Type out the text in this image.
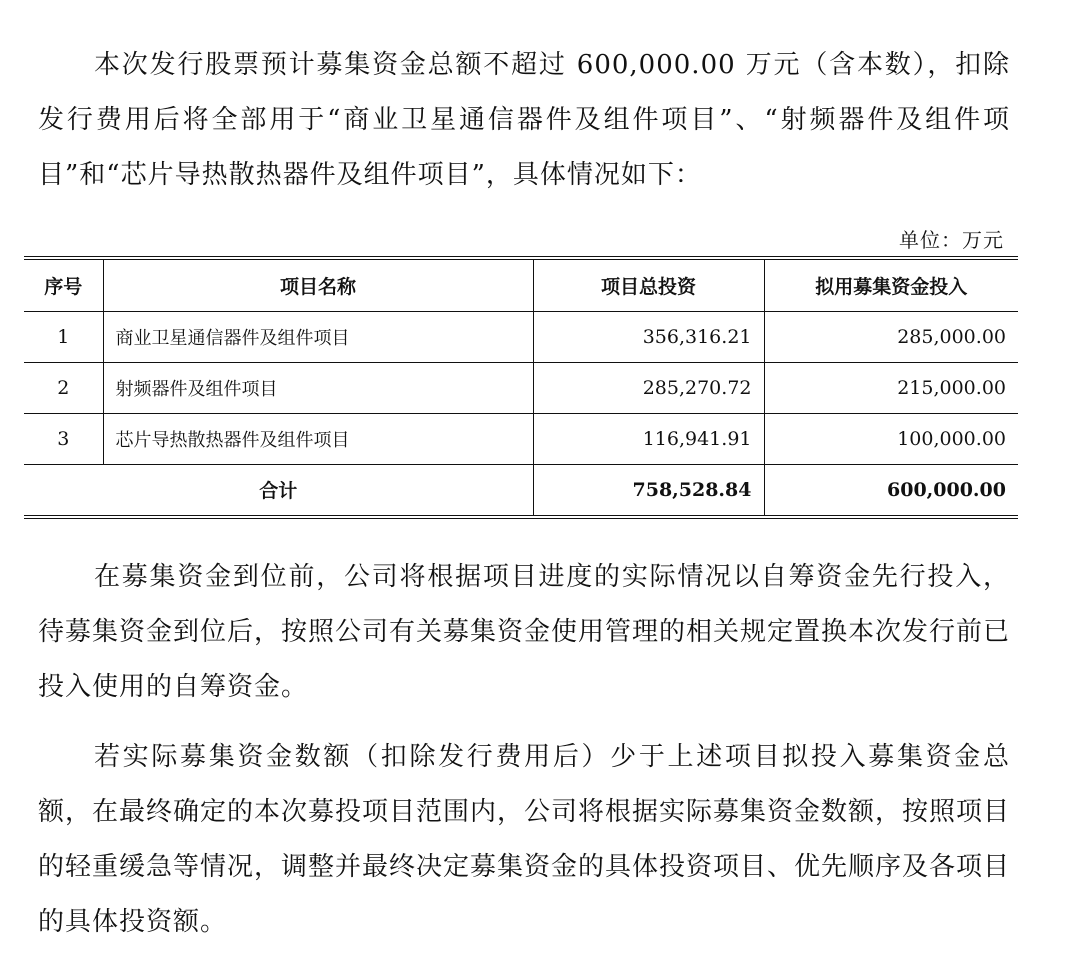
本次发行股票预计募集资金总额不超过 600,000.00 万元（含本数），扣除发行费用后将全部用于“商业卫星通信器件及组件项目”、“射频器件及组件项目”和“芯片导热散热器件及组件项目”，具体情况如下：

单位：万元
序号	项目名称	项目总投资	拟用募集资金投入
1	商业卫星通信器件及组件项目	356,316.21	285,000.00
2	射频器件及组件项目	285,270.72	215,000.00
3	芯片导热散热器件及组件项目	116,941.91	100,000.00
合计		758,528.84	600,000.00

在募集资金到位前，公司将根据项目进度的实际情况以自筹资金先行投入，待募集资金到位后，按照公司有关募集资金使用管理的相关规定置换本次发行前已投入使用的自筹资金。

若实际募集资金数额（扣除发行费用后）少于上述项目拟投入募集资金总额，在最终确定的本次募投项目范围内，公司将根据实际募集资金数额，按照项目的轻重缓急等情况，调整并最终决定募集资金的具体投资项目、优先顺序及各项目的具体投资额。
